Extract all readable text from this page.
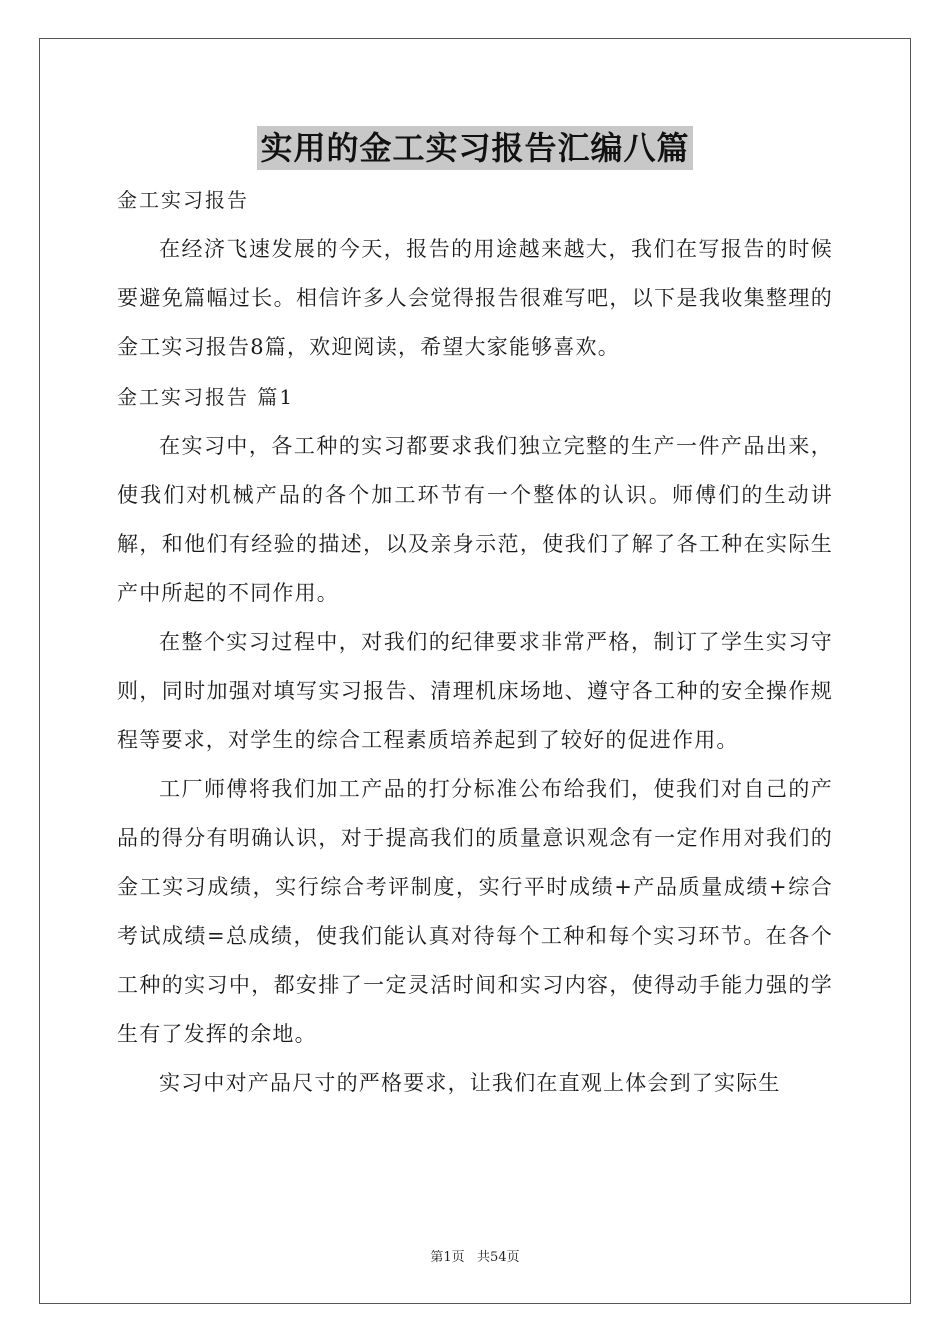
实用的金工实习报告汇编八篇

金工实习报告

在经济飞速发展的今天，报告的用途越来越大，我们在写报告的时候要避免篇幅过长。相信许多人会觉得报告很难写吧，以下是我收集整理的金工实习报告8篇，欢迎阅读，希望大家能够喜欢。

金工实习报告 篇1

在实习中，各工种的实习都要求我们独立完整的生产一件产品出来，使我们对机械产品的各个加工环节有一个整体的认识。师傅们的生动讲解，和他们有经验的描述，以及亲身示范，使我们了解了各工种在实际生产中所起的不同作用。

在整个实习过程中，对我们的纪律要求非常严格，制订了学生实习守则，同时加强对填写实习报告、清理机床场地、遵守各工种的安全操作规程等要求，对学生的综合工程素质培养起到了较好的促进作用。

工厂师傅将我们加工产品的打分标准公布给我们，使我们对自己的产品的得分有明确认识，对于提高我们的质量意识观念有一定作用对我们的金工实习成绩，实行综合考评制度，实行平时成绩+产品质量成绩+综合考试成绩=总成绩，使我们能认真对待每个工种和每个实习环节。在各个工种的实习中，都安排了一定灵活时间和实习内容，使得动手能力强的学生有了发挥的余地。

实习中对产品尺寸的严格要求，让我们在直观上体会到了实际生

第1页   共54页
